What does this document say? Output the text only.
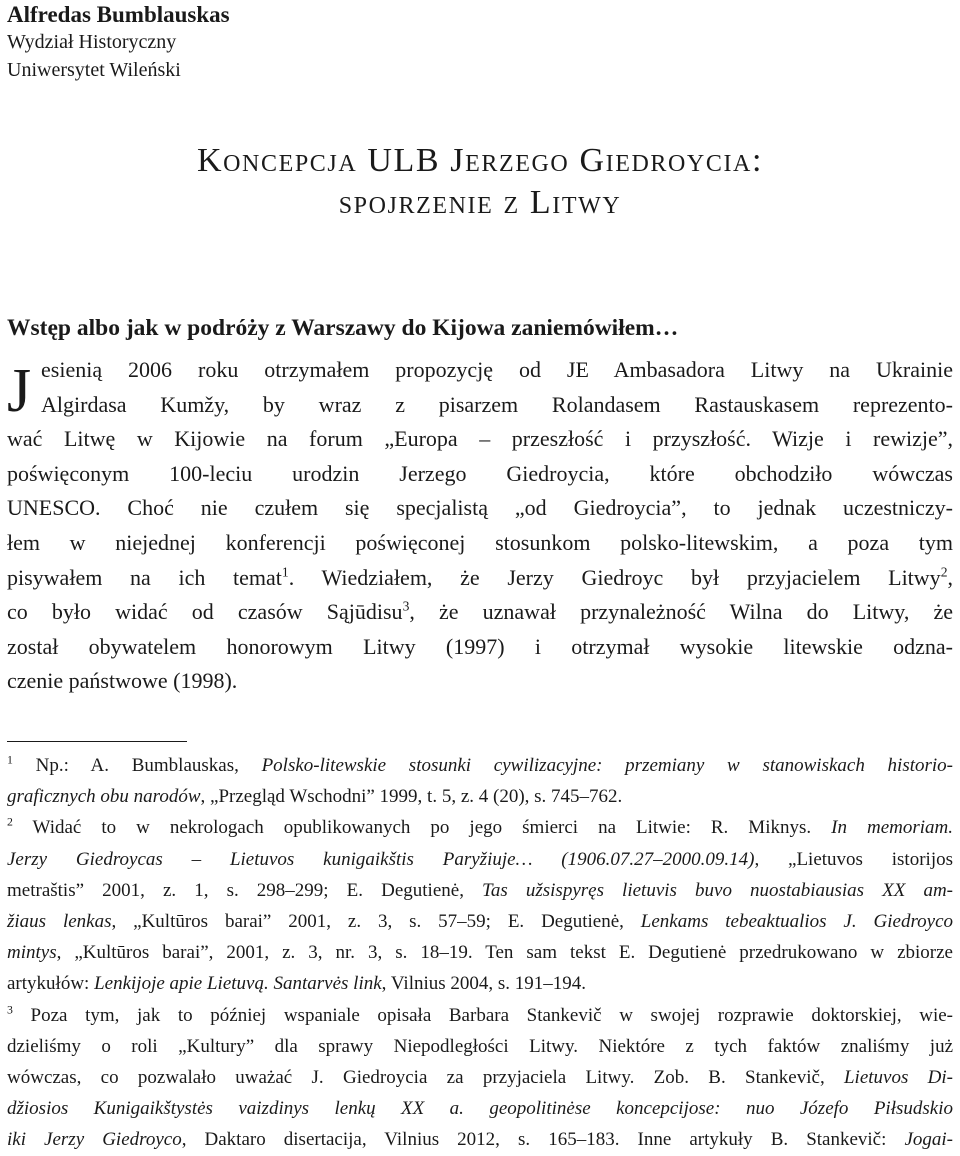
Alfredas Bumblauskas
Wydział Historyczny
Uniwersytet Wileński
Koncepcja ULB Jerzego Giedroycia:
spojrzenie z Litwy
Wstęp albo jak w podróży z Warszawy do Kijowa zaniemówiłem…
J esienią 2006 roku otrzymałem propozycję od JE Ambasadora Litwy na Ukrainie
Algirdasa Kumžy, by wraz z pisarzem Rolandasem Rastauskasem reprezento-
wać Litwę w Kijowie na forum „Europa – przeszłość i przyszłość. Wizje i rewizje”,
poświęconym 100-leciu urodzin Jerzego Giedroycia, które obchodziło wówczas
UNESCO. Choć nie czułem się specjalistą „od Giedroycia”, to jednak uczestniczy-
łem w niejednej konferencji poświęconej stosunkom polsko-litewskim, a poza tym
pisywałem na ich temat$^1$. Wiedziałem, że Jerzy Giedroyc był przyjacielem Litwy$^2$,
co było widać od czasów Sąjūdisu$^3$, że uznawał przynależność Wilna do Litwy, że
został obywatelem honorowym Litwy (1997) i otrzymał wysokie litewskie odzna-
czenie państwowe (1998).
$^1$ Np.: A. Bumblauskas, Polsko-litewskie stosunki cywilizacyjne: przemiany w stanowiskach historio-
graficznych obu narodów, „Przegląd Wschodni” 1999, t. 5, z. 4 (20), s. 745–762.
$^2$ Widać to w nekrologach opublikowanych po jego śmierci na Litwie: R. Miknys. In memoriam.
Jerzy Giedroycas – Lietuvos kunigaikštis Paryžiuje… (1906.07.27–2000.09.14), „Lietuvos istorijos
metraštis” 2001, z. 1, s. 298–299; E. Degutienė, Tas užsispyręs lietuvis buvo nuostabiausias XX am-
žiaus lenkas, „Kultūros barai” 2001, z. 3, s. 57–59; E. Degutienė, Lenkams tebeaktualios J. Giedroyco
mintys, „Kultūros barai”, 2001, z. 3, nr. 3, s. 18–19. Ten sam tekst E. Degutienė przedrukowano w zbiorze
artykułów: Lenkijoje apie Lietuvą. Santarvės link, Vilnius 2004, s. 191–194.
$^3$ Poza tym, jak to później wspaniale opisała Barbara Stankevič w swojej rozprawie doktorskiej, wie-
dzieliśmy o roli „Kultury” dla sprawy Niepodległości Litwy. Niektóre z tych faktów znaliśmy już
wówczas, co pozwalało uważać J. Giedroycia za przyjaciela Litwy. Zob. B. Stankevič, Lietuvos Di-
džiosios Kunigaikštystės vaizdinys lenkų XX a. geopolitinėse koncepcijose: nuo Józefo Piłsudskio
iki Jerzy Giedroyco, Daktaro disertacija, Vilnius 2012, s. 165–183. Inne artykuły B. Stankevič: Jogai-
